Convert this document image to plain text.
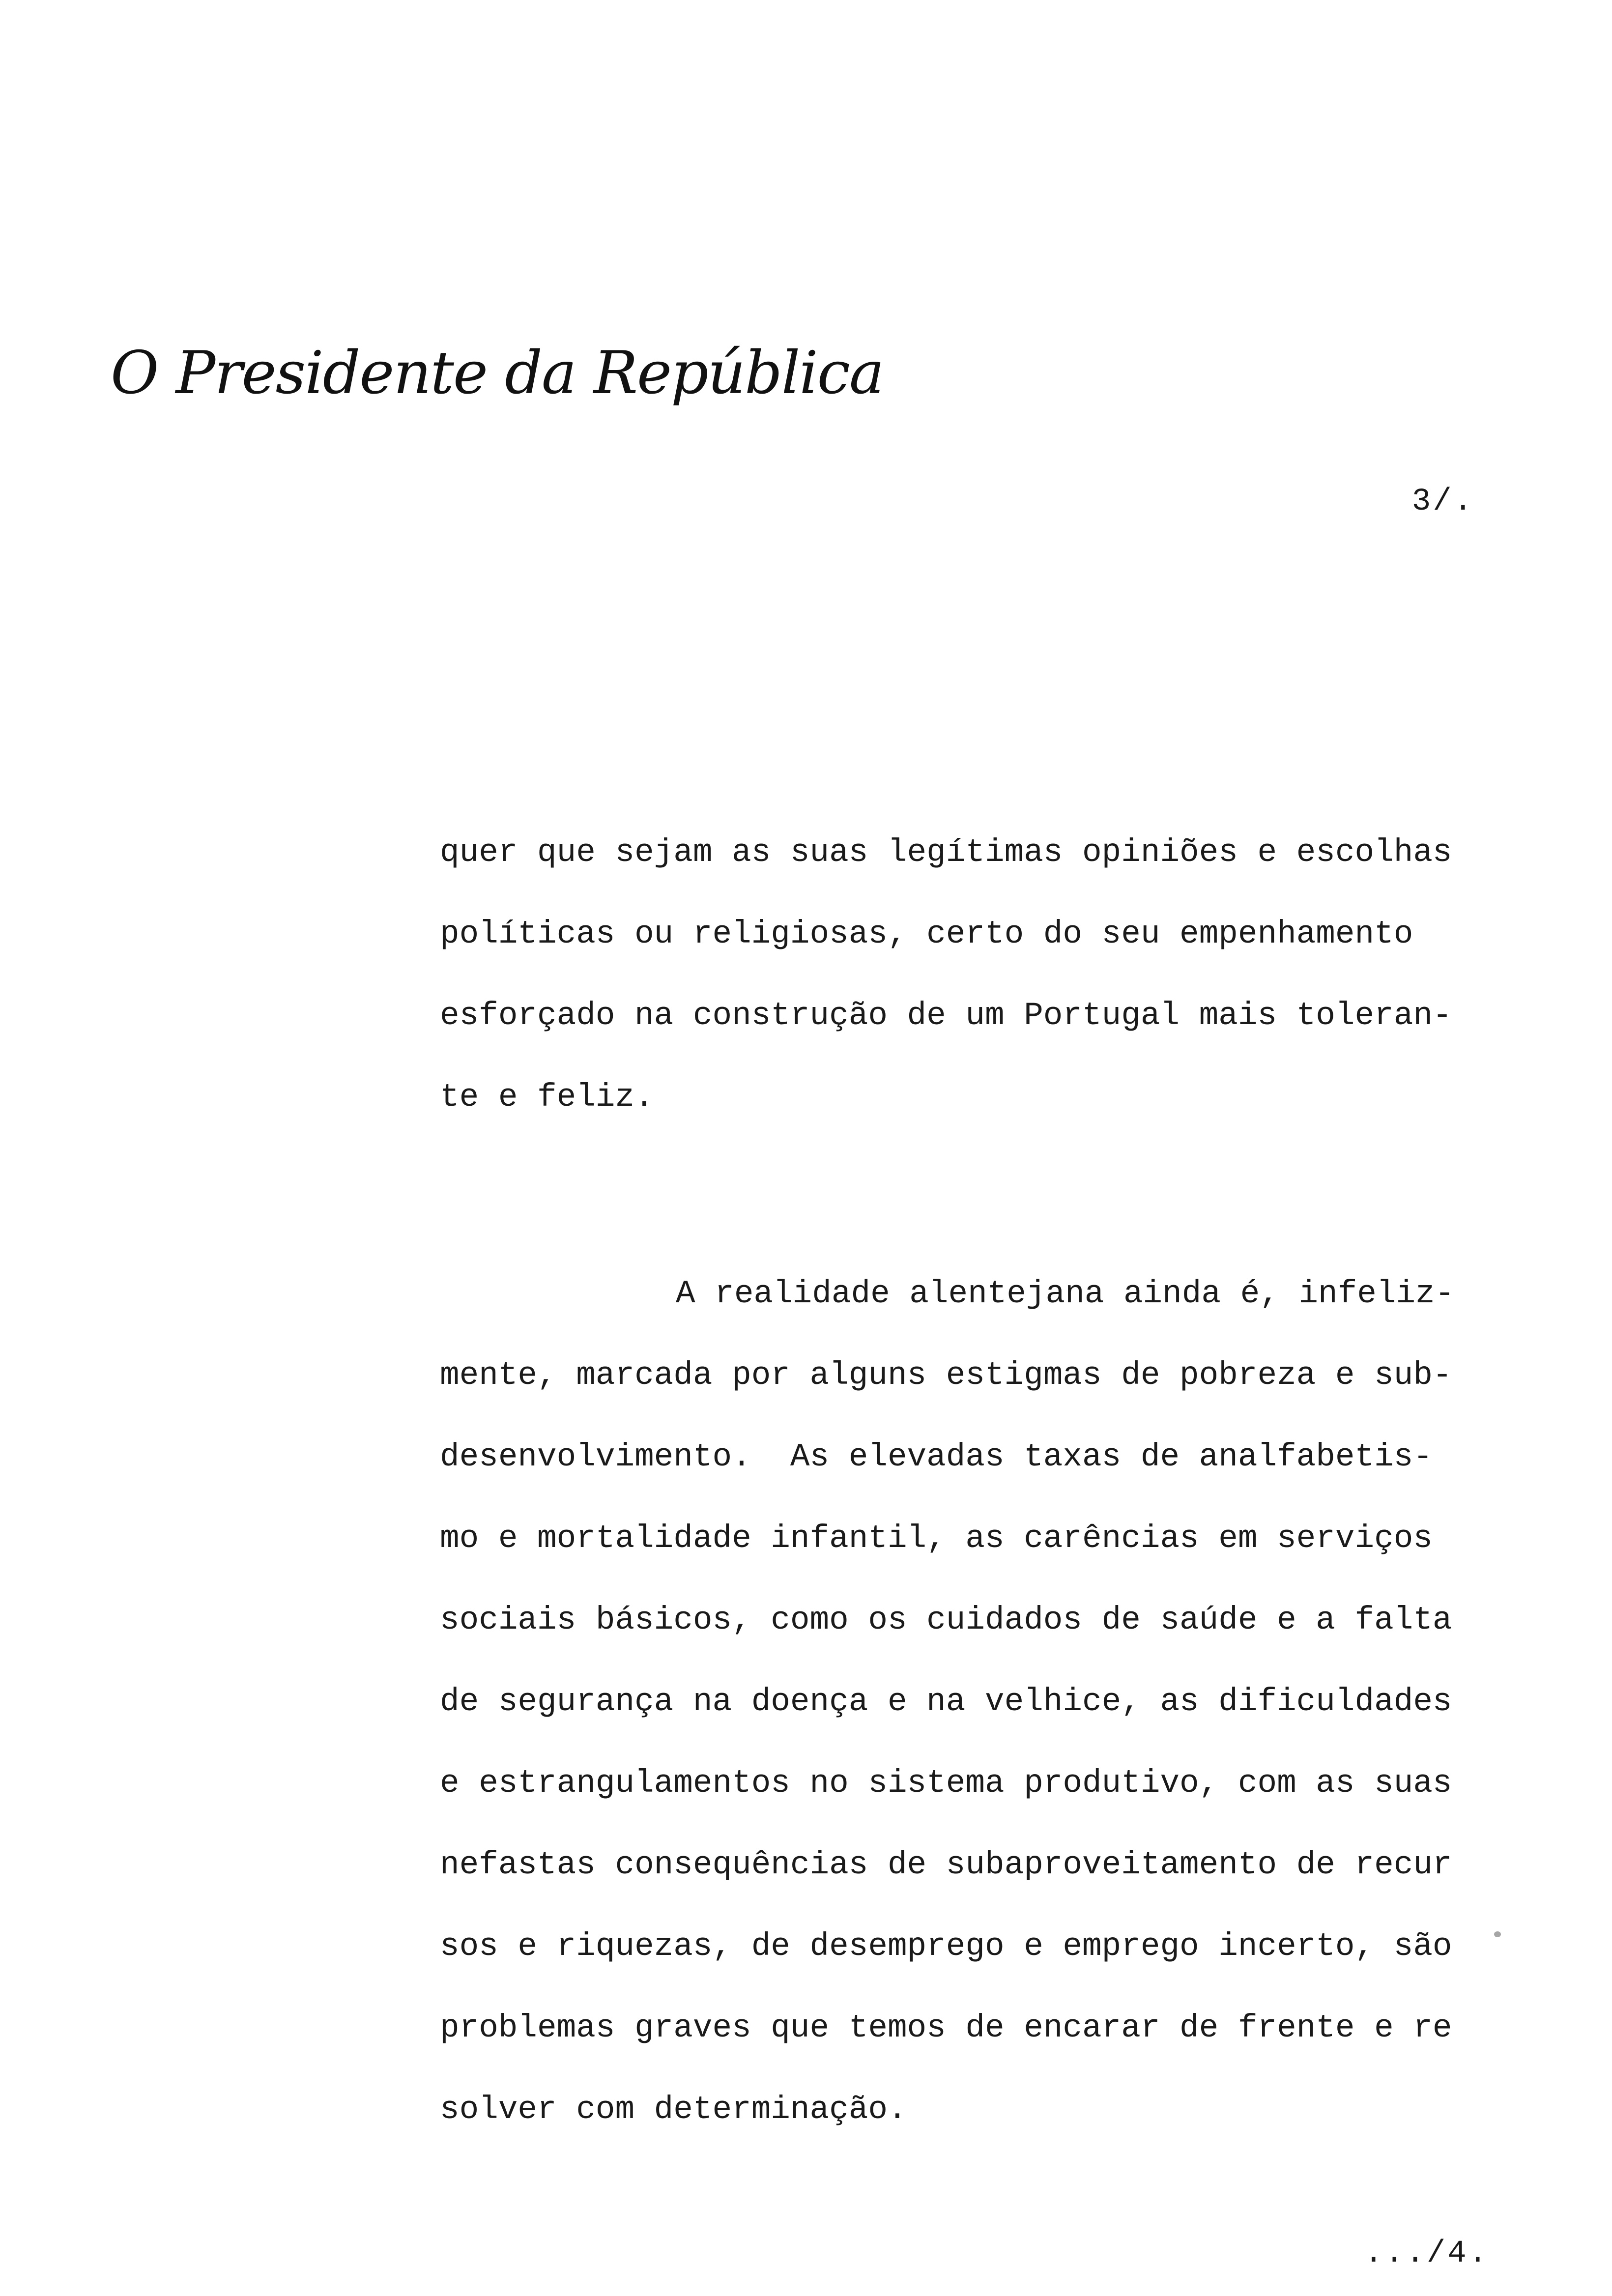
O Presidente da República
3/.
quer que sejam as suas legítimas opiniões e escolhas
políticas ou religiosas, certo do seu empenhamento
esforçado na construção de um Portugal mais toleran-
te e feliz.
A realidade alentejana ainda é, infeliz-
mente, marcada por alguns estigmas de pobreza e sub-
desenvolvimento.  As elevadas taxas de analfabetis-
mo e mortalidade infantil, as carências em serviços
sociais básicos, como os cuidados de saúde e a falta
de segurança na doença e na velhice, as dificuldades
e estrangulamentos no sistema produtivo, com as suas
nefastas consequências de subaproveitamento de recur
sos e riquezas, de desemprego e emprego incerto, são
problemas graves que temos de encarar de frente e re
solver com determinação.
.../4.
